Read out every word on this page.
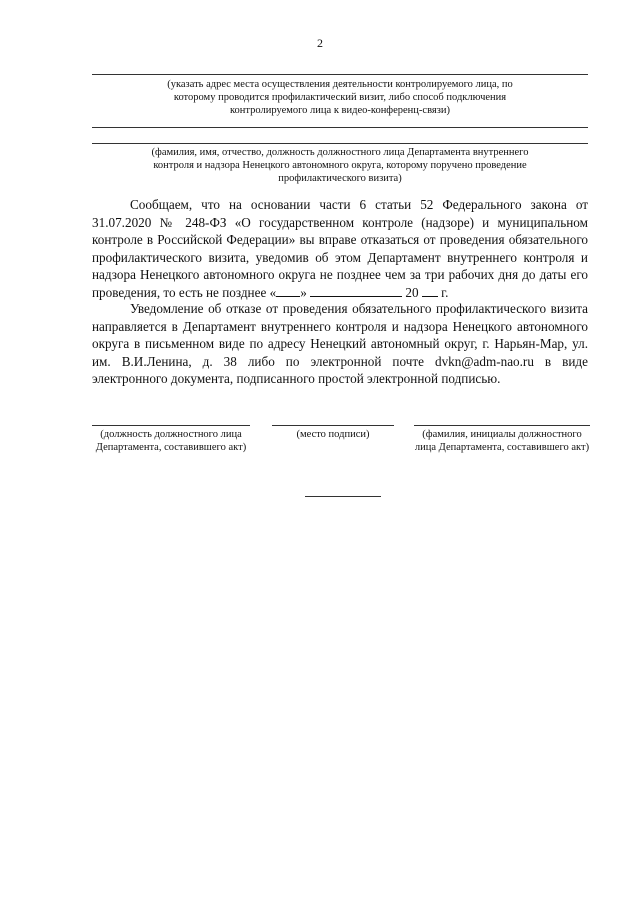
2
(указать адрес места осуществления деятельности контролируемого лица, по которому проводится профилактический визит, либо способ подключения контролируемого лица к видео-конференц-связи)
(фамилия, имя, отчество, должность должностного лица Департамента внутреннего контроля и надзора Ненецкого автономного округа, которому поручено проведение профилактического визита)

Сообщаем, что на основании части 6 статьи 52 Федерального закона от 31.07.2020 № 248-ФЗ «О государственном контроле (надзоре) и муниципальном контроле в Российской Федерации» вы вправе отказаться от проведения обязательного профилактического визита, уведомив об этом Департамент внутреннего контроля и надзора Ненецкого автономного округа не позднее чем за три рабочих дня до даты его проведения, то есть не позднее « »	20 г.

Уведомление об отказе от проведения обязательного профилактического визита направляется в Департамент внутреннего контроля и надзора Ненецкого автономного округа в письменном виде по адресу Ненецкий автономный округ, г. Нарьян-Мар, ул. им. В.И.Ленина, д. 38 либо по электронной почте dvkn@adm-nao.ru в виде электронного документа, подписанного простой электронной подписью.

(должность должностного лица Департамента, составившего акт)
(место подписи)	(фамилия, инициалы должностного лица Департамента, составившего акт)
